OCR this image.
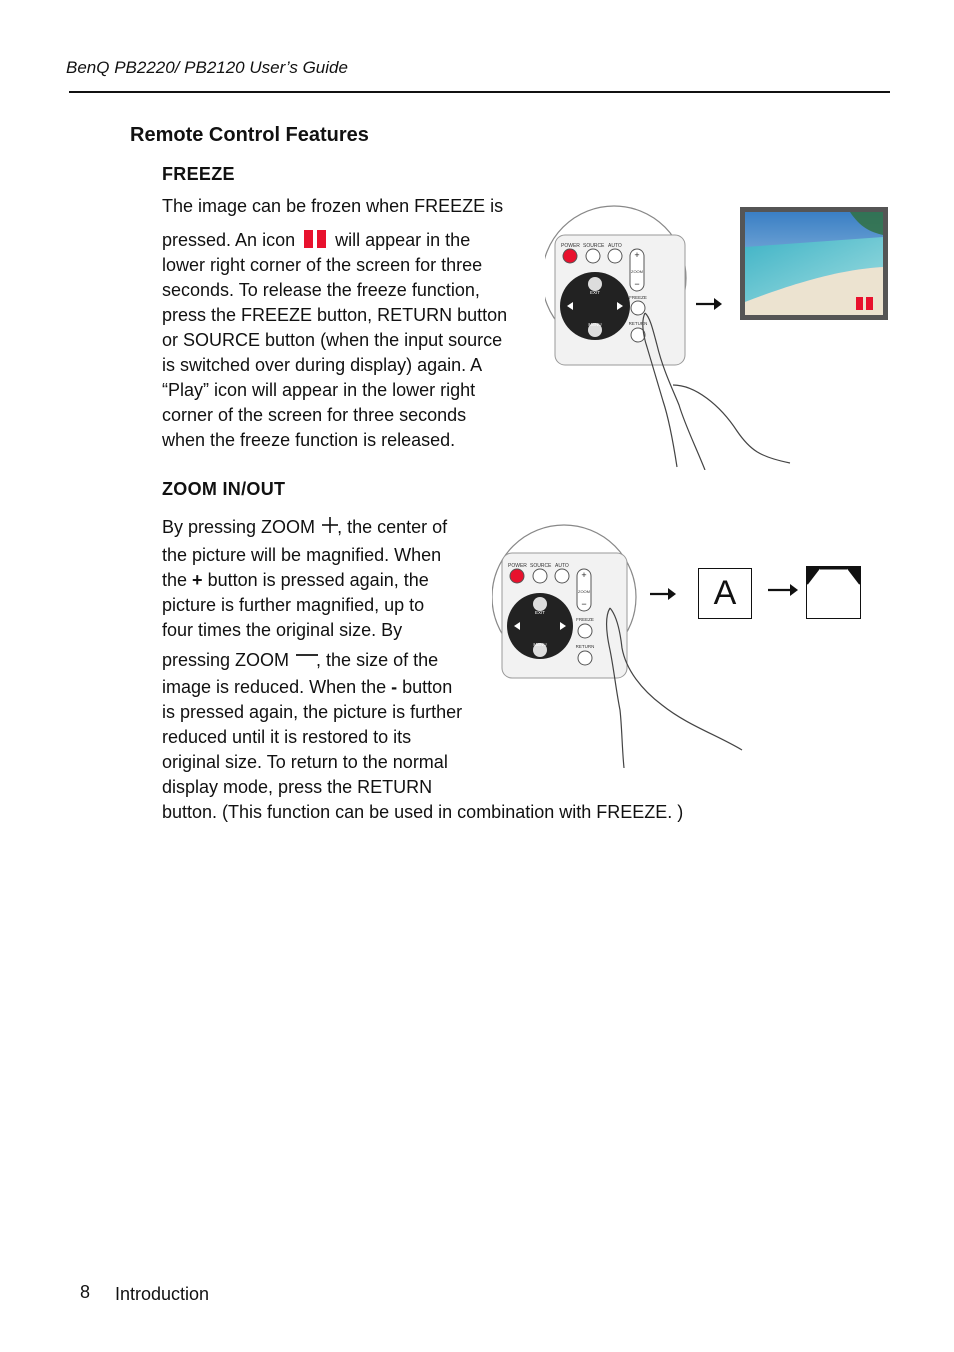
BenQ PB2220/ PB2120 User’s Guide
Remote Control Features
FREEZE
The image can be frozen when FREEZE is
pressed. An icon will appear in the
lower right corner of the screen for three
seconds. To release the freeze function,
press the FREEZE button, RETURN button
or SOURCE button (when the input source
is switched over during display) again. A
“Play” icon will appear in the lower right
corner of the screen for three seconds
when the freeze function is released.
POWER SOURCE AUTO
+
−
ZOOM
EXIT
MENU
FREEZE
RETURN
ZOOM IN/OUT
By pressing ZOOM , the center of
the picture will be magnified. When
the + button is pressed again, the
picture is further magnified, up to
four times the original size. By
pressing ZOOM , the size of the
image is reduced. When the - button
is pressed again, the picture is further
reduced until it is restored to its
original size. To return to the normal
display mode, press the RETURN
button. (This function can be used in combination with FREEZE. )
POWER SOURCE AUTO
+
−
ZOOM
EXIT
MENU
FREEZE
RETURN
A
8 Introduction
